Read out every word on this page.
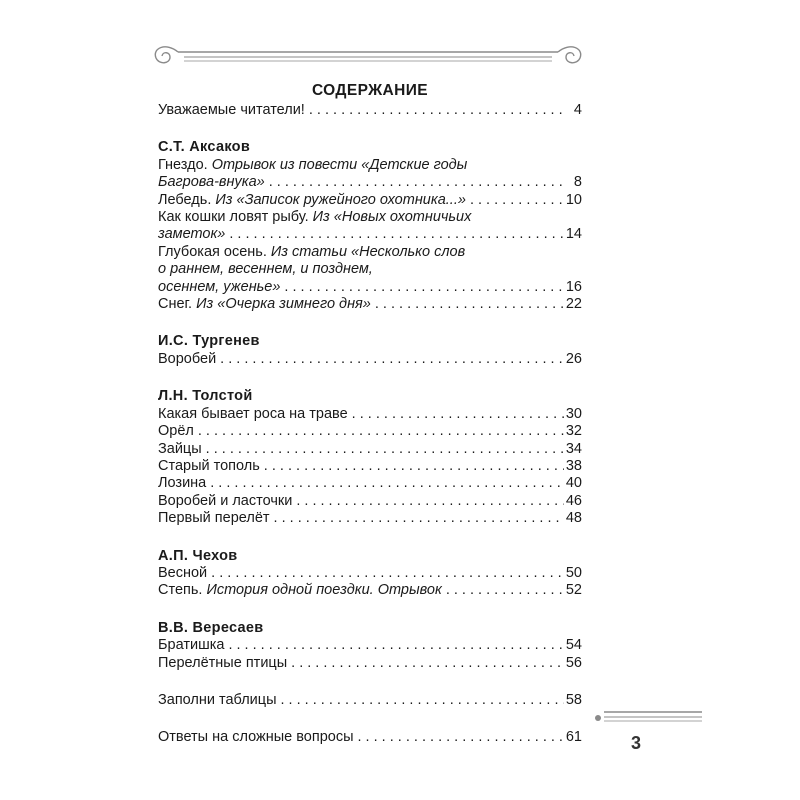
СОДЕРЖАНИЕ
Уважаемые читатели! . . .	4
С.Т. Аксаков
Гнездо. Отрывок из повести «Детские годы
Багрова-внука» . . .	8
Лебедь. Из «Записок ружейного охотника...» . . .	10
Как кошки ловят рыбу. Из «Новых охотничьих
заметок» . . .	14
Глубокая осень. Из статьи «Несколько слов
о раннем, весеннем, и позднем,
осеннем, уженье» . . .	16
Снег. Из «Очерка зимнего дня» . . .	22
И.С. Тургенев
Воробей . . .	26
Л.Н. Толстой
Какая бывает роса на траве . . .	30
Орёл . . .	32
Зайцы . . .	34
Старый тополь . . .	38
Лозина . . .	40
Воробей и ласточки . . .	46
Первый перелёт . . .	48
А.П. Чехов
Весной . . .	50
Степь. История одной поездки. Отрывок . . .	52
В.В. Вересаев
Братишка . . .	54
Перелётные птицы . . .	56
Заполни таблицы . . .	58
Ответы на сложные вопросы . . .	61	3
